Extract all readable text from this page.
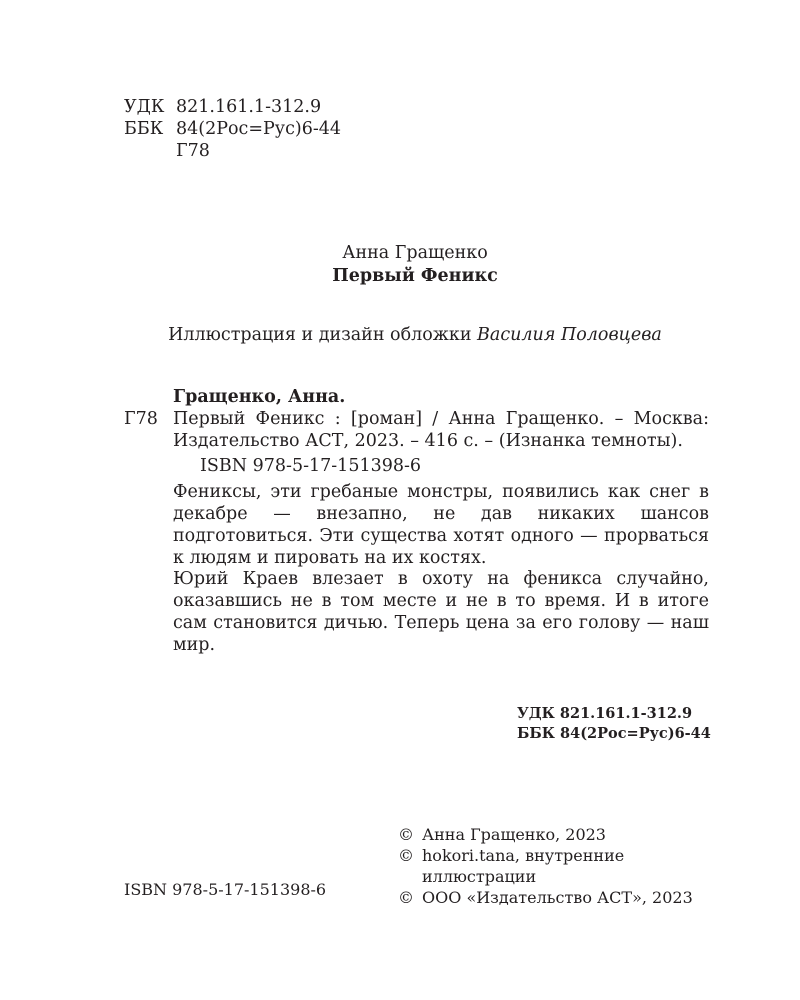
УДК 821.161.1-312.9
ББК 84(2Рос=Рус)6-44
Г78
Анна Гращенко
Первый Феникс
Иллюстрация и дизайн обложки Василия Половцева
Гращенко, Анна.
Г78 Первый Феникс : [роман] / Анна Гращенко. – Москва: Издательство АСТ, 2023. – 416 с. – (Изнанка темноты).
ISBN 978-5-17-151398-6

Фениксы, эти гребаные монстры, появились как снег в декабре — внезапно, не дав никаких шансов подготовиться. Эти существа хотят одного — прорваться к людям и пировать на их костях.

Юрий Краев влезает в охоту на феникса случайно, оказавшись не в том месте и не в то время. И в итоге сам становится дичью. Теперь цена за его голову — наш мир.

УДК 821.161.1-312.9
ББК 84(2Рос=Рус)6-44
ISBN 978-5-17-151398-6
© Анна Гращенко, 2023
© hokori.tana, внутренние иллюстрации
© ООО «Издательство АСТ», 2023
